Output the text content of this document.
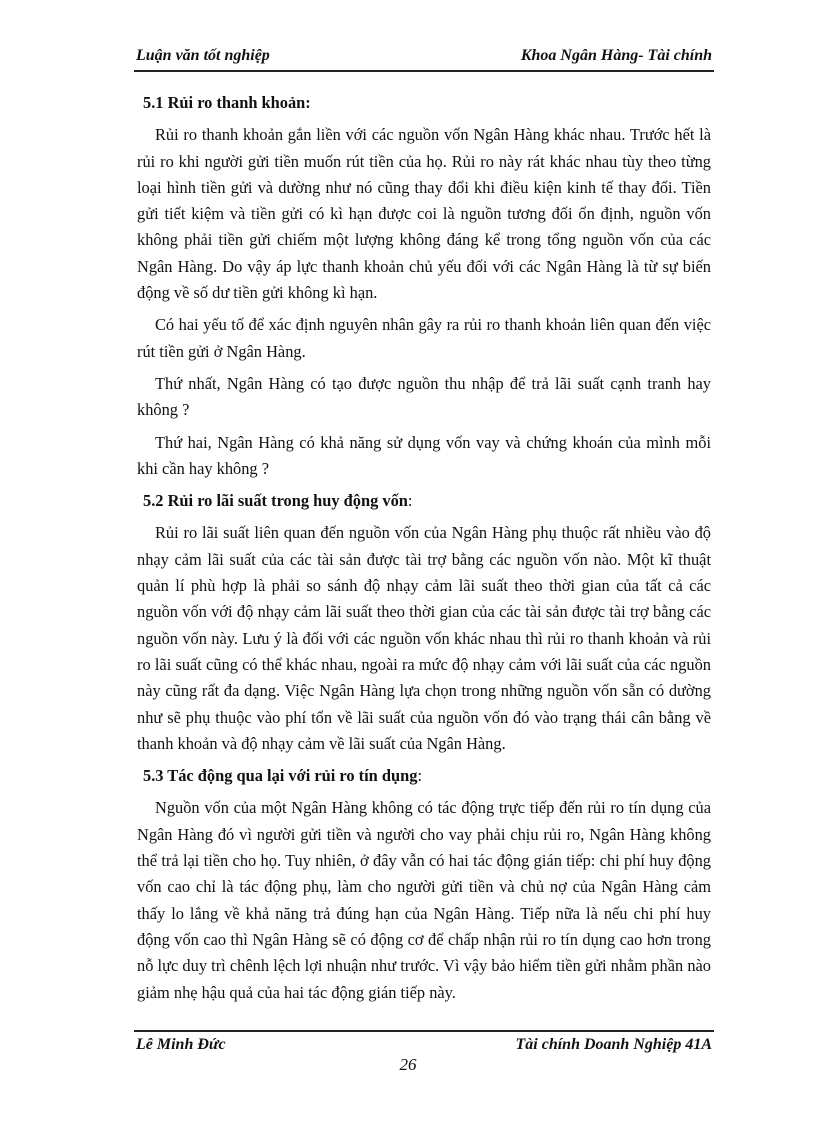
Luận văn tốt nghiệp	Khoa Ngân Hàng- Tài chính
5.1 Rủi ro thanh khoản:

Rủi ro thanh khoản gắn liền với các nguồn vốn Ngân Hàng khác nhau. Trước hết là rủi ro khi người gửi tiền muốn rút tiền của họ. Rủi ro này rát khác nhau tùy theo từng loại hình tiền gửi và dường như nó cũng thay đổi khi điều kiện kinh tế thay đổi. Tiền gửi tiết kiệm và tiền gửi có kì hạn được coi là nguồn tương đối ổn định, nguồn vốn không phải tiền gửi chiếm một lượng không đáng kể trong tổng nguồn vốn của các Ngân Hàng. Do vậy áp lực thanh khoản chủ yếu đối với các Ngân Hàng là từ sự biến động về số dư tiền gửi không kì hạn.

Có hai yếu tố để xác định nguyên nhân gây ra rủi ro thanh khoản liên quan đến việc rút tiền gửi ở Ngân Hàng.

Thứ nhất, Ngân Hàng có tạo được nguồn thu nhập để trả lãi suất cạnh tranh hay không ?

Thứ hai, Ngân Hàng có khả năng sử dụng vốn vay và chứng khoán của mình mỗi khi cần hay không ?

5.2 Rủi ro lãi suất trong huy động vốn:

Rủi ro lãi suất liên quan đến nguồn vốn của Ngân Hàng phụ thuộc rất nhiều vào độ nhạy cảm lãi suất của các tài sản được tài trợ bằng các nguồn vốn nào. Một kĩ thuật quản lí phù hợp là phải so sánh độ nhạy cảm lãi suất theo thời gian của tất cả các nguồn vốn với độ nhạy cảm lãi suất theo thời gian của các tài sản được tài trợ bằng các nguồn vốn này. Lưu ý là đối với các nguồn vốn khác nhau thì rủi ro thanh khoản và rủi ro lãi suất cũng có thể khác nhau, ngoài ra mức độ nhạy cảm với lãi suất của các nguồn này cũng rất đa dạng. Việc Ngân Hàng lựa chọn trong những nguồn vốn sẵn có dường như sẽ phụ thuộc vào phí tổn về lãi suất của nguồn vốn đó vào trạng thái cân bằng về thanh khoản và độ nhạy cảm về lãi suất của Ngân Hàng.

5.3 Tác động qua lại với rủi ro tín dụng:

Nguồn vốn của một Ngân Hàng không có tác động trực tiếp đến rủi ro tín dụng của Ngân Hàng đó vì người gửi tiền và người cho vay phải chịu rủi ro, Ngân Hàng không thể trả lại tiền cho họ. Tuy nhiên, ở đây vẫn có hai tác động gián tiếp: chi phí huy động vốn cao chỉ là tác động phụ, làm cho người gửi tiền và chủ nợ của Ngân Hàng cảm thấy lo lắng về khả năng trả đúng hạn của Ngân Hàng. Tiếp nữa là nếu chi phí huy động vốn cao thì Ngân Hàng sẽ có động cơ để chấp nhận rủi ro tín dụng cao hơn trong nỗ lực duy trì chênh lệch lợi nhuận như trước. Vì vậy bảo hiểm tiền gửi nhằm phần nào giảm nhẹ hậu quả của hai tác động gián tiếp này.

Lê Minh Đức	Tài chính Doanh Nghiệp 41A
26
